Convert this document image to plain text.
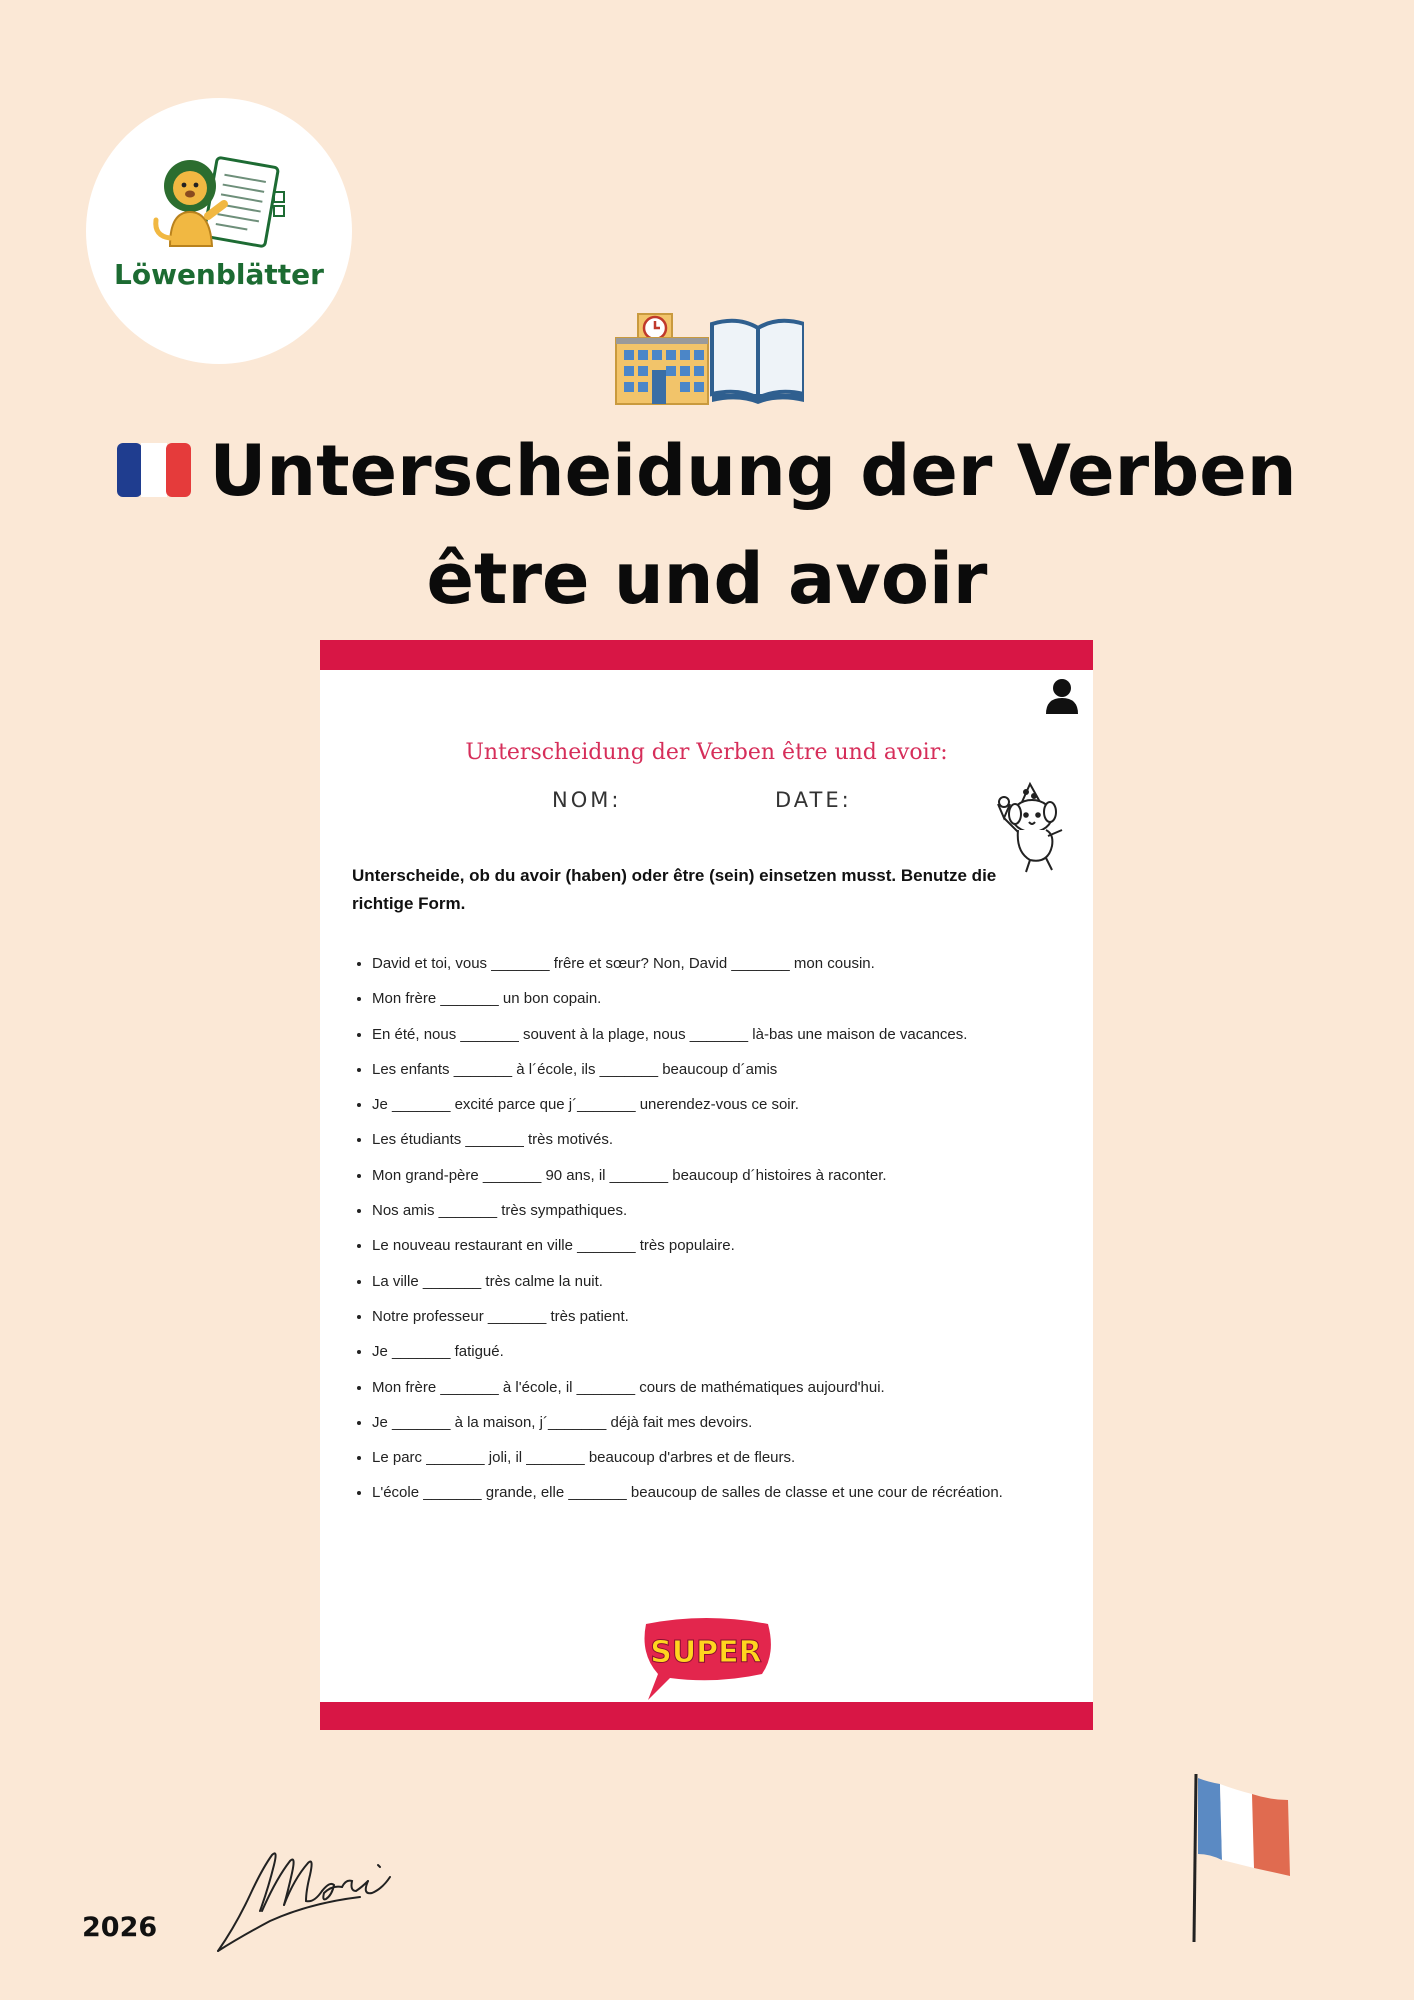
Löwenblätter
Unterscheidung der Verben
être und avoir
Unterscheidung der Verben être und avoir:
NOM:	DATE:
Unterscheide, ob du avoir (haben) oder être (sein) einsetzen musst. Benutze die richtige Form.
• David et toi, vous _______ frêre et sœur? Non, David _______ mon cousin.
• Mon frère _______ un bon copain.
• En été, nous _______ souvent à la plage, nous _______ là-bas une maison de vacances.
• Les enfants _______ à l´école, ils _______ beaucoup d´amis
• Je _______ excité parce que j´_______ unerendez-vous ce soir.
• Les étudiants _______ très motivés.
• Mon grand-père _______ 90 ans, il _______ beaucoup d´histoires à raconter.
• Nos amis _______ très sympathiques.
• Le nouveau restaurant en ville _______ très populaire.
• La ville _______ très calme la nuit.
• Notre professeur _______ très patient.
• Je _______ fatigué.
• Mon frère _______ à l'école, il _______ cours de mathématiques aujourd'hui.
• Je _______ à la maison, j´_______ déjà fait mes devoirs.
• Le parc _______ joli, il _______ beaucoup d'arbres et de fleurs.
• L'école _______ grande, elle _______ beaucoup de salles de classe et une cour de récréation.
SUPER
2026
